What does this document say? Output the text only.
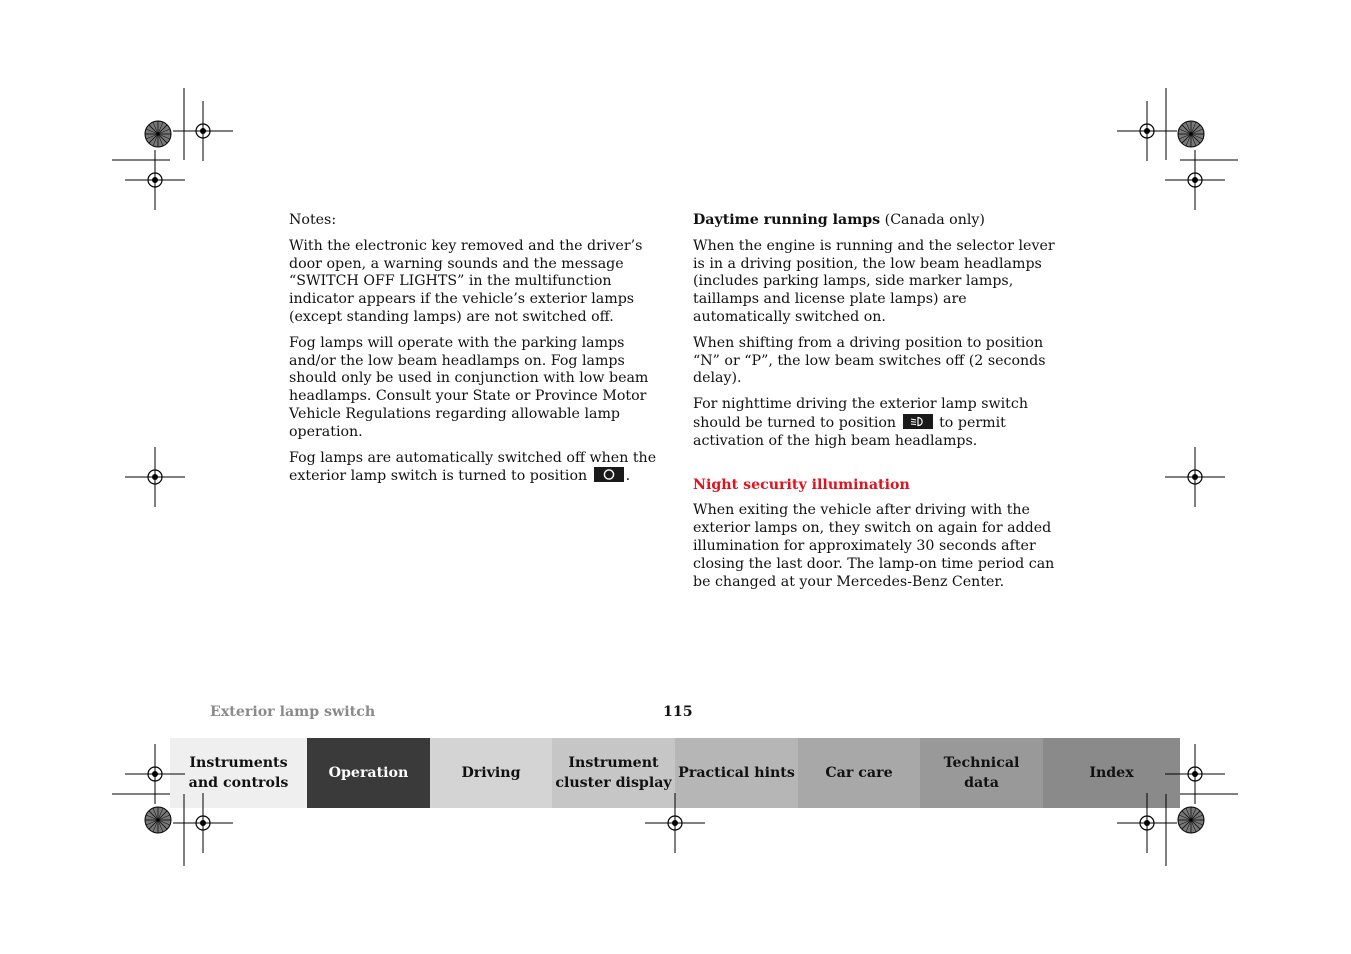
Notes:

With the electronic key removed and the driver’s door open, a warning sounds and the message “SWITCH OFF LIGHTS” in the multifunction indicator appears if the vehicle’s exterior lamps (except standing lamps) are not switched off.

Fog lamps will operate with the parking lamps and/or the low beam headlamps on. Fog lamps should only be used in conjunction with low beam headlamps. Consult your State or Province Motor Vehicle Regulations regarding allowable lamp operation.

Fog lamps are automatically switched off when the exterior lamp switch is turned to position	.

Daytime running lamps (Canada only)

When the engine is running and the selector lever is in a driving position, the low beam headlamps (includes parking lamps, side marker lamps, taillamps and license plate lamps) are automatically switched on.

When shifting from a driving position to position “N” or “P”, the low beam switches off (2 seconds delay).

For nighttime driving the exterior lamp switch should be turned to position	to permit activation of the high beam headlamps.

Night security illumination

When exiting the vehicle after driving with the exterior lamps on, they switch on again for added illumination for approximately 30 seconds after closing the last door. The lamp-on time period can be changed at your Mercedes-Benz Center.

Exterior lamp switch	115
Instruments
and controls
Operation	Driving
Instrument
cluster display
Practical hints	Car care
Technical
data
Index
